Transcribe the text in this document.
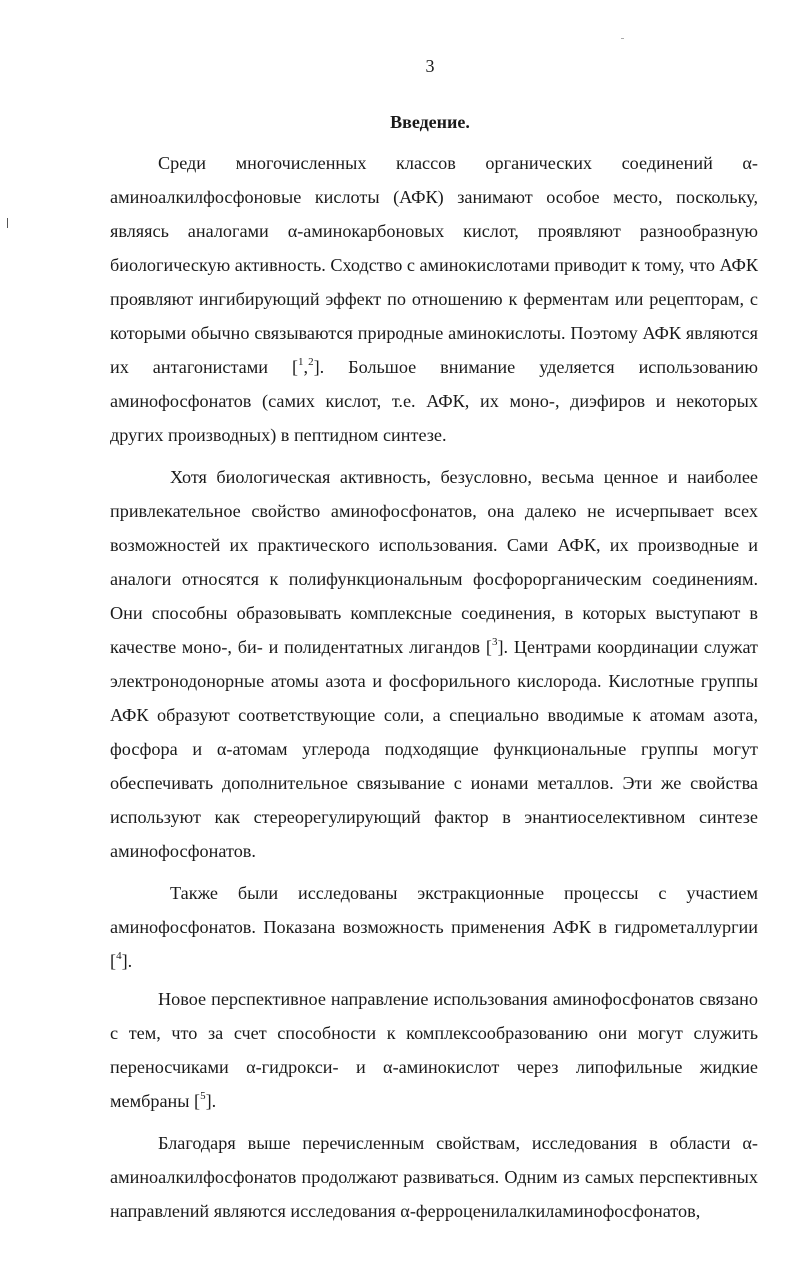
3
Введение.

Среди многочисленных классов органических соединений α-аминоалкилфосфоновые кислоты (АФК) занимают особое место, поскольку, являясь аналогами α-аминокарбоновых кислот, проявляют разнообразную биологическую активность. Сходство с аминокислотами приводит к тому, что АФК проявляют ингибирующий эффект по отношению к ферментам или рецепторам, с которыми обычно связываются природные аминокислоты. Поэтому АФК являются их антагонистами [$^1$,$^2$]. Большое внимание уделяется использованию аминофосфонатов (самих кислот, т.е. АФК, их моно-, диэфиров и некоторых других производных) в пептидном синтезе.

Хотя биологическая активность, безусловно, весьма ценное и наиболее привлекательное свойство аминофосфонатов, она далеко не исчерпывает всех возможностей их практического использования. Сами АФК, их производные и аналоги относятся к полифункциональным фосфорорганическим соединениям. Они способны образовывать комплексные соединения, в которых выступают в качестве моно-, би- и полидентатных лигандов [$^3$]. Центрами координации служат электронодонорные атомы азота и фосфорильного кислорода. Кислотные группы АФК образуют соответствующие соли, а специально вводимые к атомам азота, фосфора и α-атомам углерода подходящие функциональные группы могут обеспечивать дополнительное связывание с ионами металлов. Эти же свойства используют как стереорегулирующий фактор в энантиоселективном синтезе аминофосфонатов.

Также были исследованы экстракционные процессы с участием аминофосфонатов. Показана возможность применения АФК в гидрометаллургии [$^4$].

Новое перспективное направление использования аминофосфонатов связано с тем, что за счет способности к комплексообразованию они могут служить переносчиками α-гидрокси- и α-аминокислот через липофильные жидкие мембраны [$^5$].

Благодаря выше перечисленным свойствам, исследования в области α-аминоалкилфосфонатов продолжают развиваться. Одним из самых перспективных направлений являются исследования α-ферроценилалкиламинофосфонатов,
